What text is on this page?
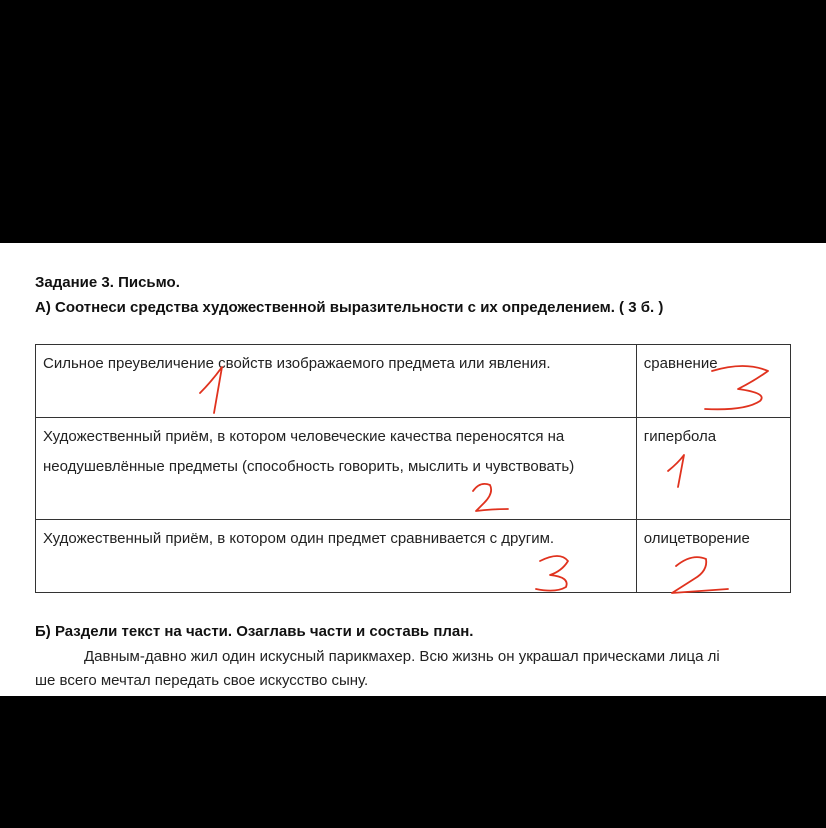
Задание 3. Письмо.
А) Соотнеси средства художественной выразительности с их определением. ( 3 б. )
Сильное преувеличение свойств изображаемого предмета или явления.	сравнение
Художественный приём, в котором человеческие качества переносятся на неодушевлённые предметы (способность говорить, мыслить и чувствовать)	гипербола
Художественный приём, в котором один предмет сравнивается с другим.	олицетворение
Б) Раздели текст на части. Озаглавь части и составь план.
Давным-давно жил один искусный парикмахер. Всю жизнь он украшал прическами лица лі
ше всего мечтал передать свое искусство сыну.
